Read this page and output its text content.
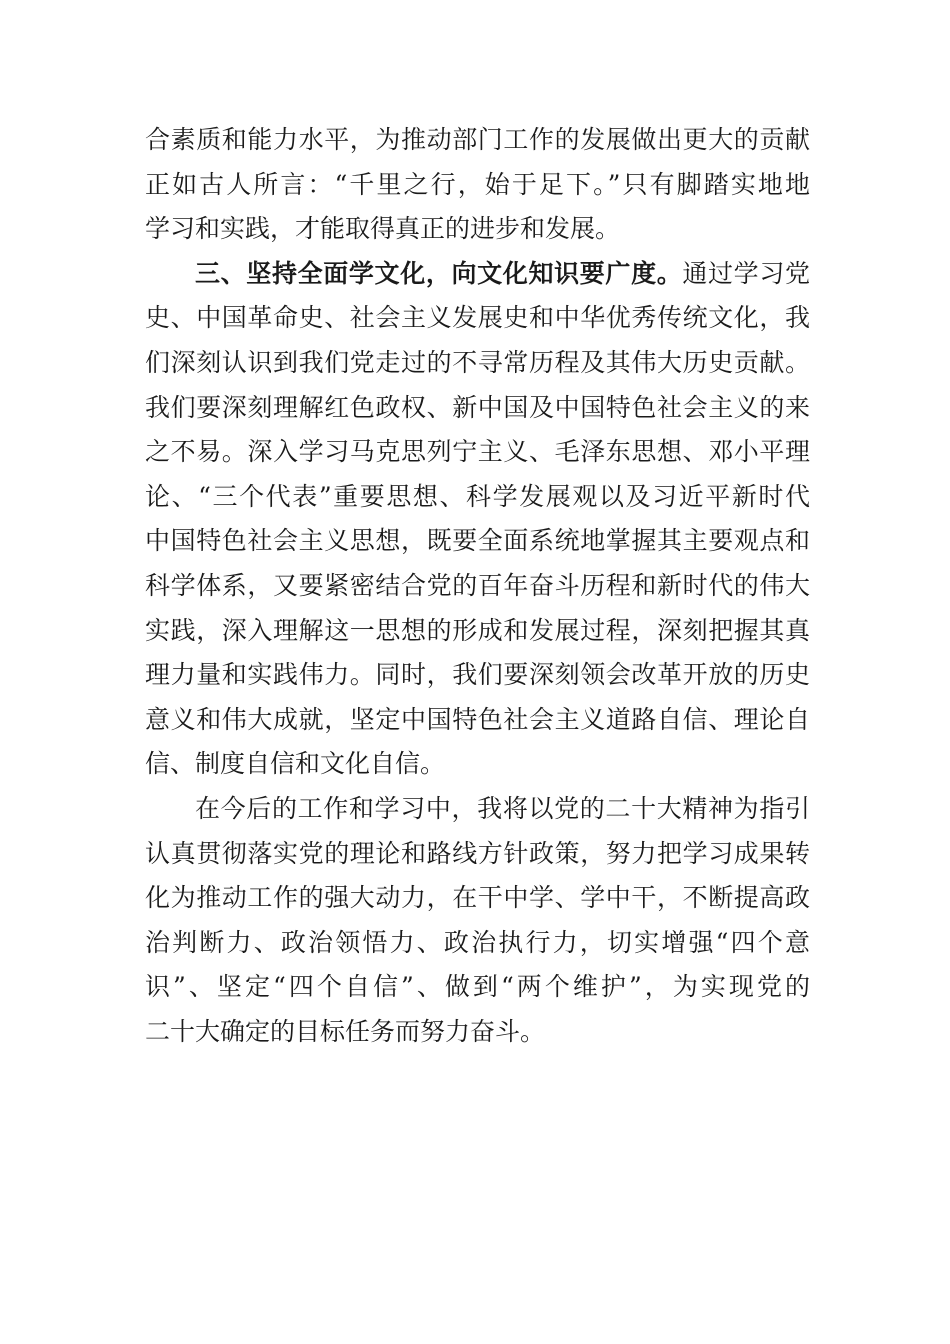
合素质和能力水平，为推动部门工作的发展做出更大的贡献
正如古人所言：“千里之行，始于足下。”只有脚踏实地地
学习和实践，才能取得真正的进步和发展。
三、坚持全面学文化，向文化知识要广度。通过学习党
史、中国革命史、社会主义发展史和中华优秀传统文化，我
们深刻认识到我们党走过的不寻常历程及其伟大历史贡献。
我们要深刻理解红色政权、新中国及中国特色社会主义的来
之不易。深入学习马克思列宁主义、毛泽东思想、邓小平理
论、“三个代表”重要思想、科学发展观以及习近平新时代
中国特色社会主义思想，既要全面系统地掌握其主要观点和
科学体系，又要紧密结合党的百年奋斗历程和新时代的伟大
实践，深入理解这一思想的形成和发展过程，深刻把握其真
理力量和实践伟力。同时，我们要深刻领会改革开放的历史
意义和伟大成就，坚定中国特色社会主义道路自信、理论自
信、制度自信和文化自信。
在今后的工作和学习中，我将以党的二十大精神为指引
认真贯彻落实党的理论和路线方针政策，努力把学习成果转
化为推动工作的强大动力，在干中学、学中干，不断提高政
治判断力、政治领悟力、政治执行力，切实增强“四个意
识”、坚定“四个自信”、做到“两个维护”，为实现党的
二十大确定的目标任务而努力奋斗。
